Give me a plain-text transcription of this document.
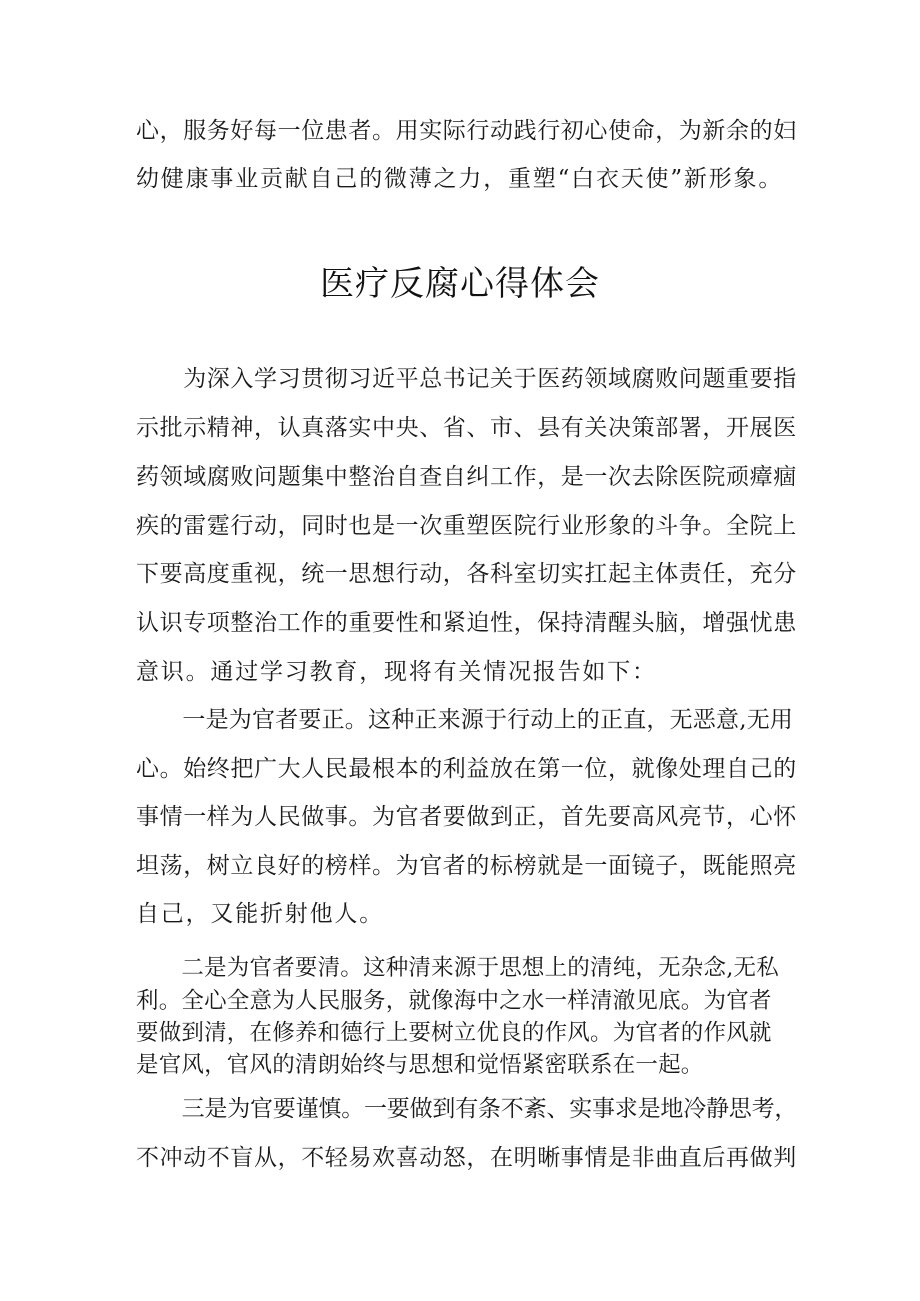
心，服务好每一位患者。用实际行动践行初心使命，为新余的妇
幼健康事业贡献自己的微薄之力，重塑“白衣天使”新形象。
医疗反腐心得体会
　　为深入学习贯彻习近平总书记关于医药领域腐败问题重要指
示批示精神，认真落实中央、省、市、县有关决策部署，开展医
药领域腐败问题集中整治自查自纠工作，是一次去除医院顽瘴痼
疾的雷霆行动，同时也是一次重塑医院行业形象的斗争。全院上
下要高度重视，统一思想行动，各科室切实扛起主体责任，充分
认识专项整治工作的重要性和紧迫性，保持清醒头脑，增强忧患
意识。通过学习教育，现将有关情况报告如下：
　　一是为官者要正。这种正来源于行动上的正直，无恶意,无用
心。始终把广大人民最根本的利益放在第一位，就像处理自己的
事情一样为人民做事。为官者要做到正，首先要高风亮节，心怀
坦荡，树立良好的榜样。为官者的标榜就是一面镜子，既能照亮
自己，又能折射他人。
　　二是为官者要清。这种清来源于思想上的清纯，无杂念,无私
利。全心全意为人民服务，就像海中之水一样清澈见底。为官者
要做到清，在修养和德行上要树立优良的作风。为官者的作风就
是官风，官风的清朗始终与思想和觉悟紧密联系在一起。
　　三是为官要谨慎。一要做到有条不紊、实事求是地冷静思考，
不冲动不盲从，不轻易欢喜动怒，在明晰事情是非曲直后再做判
